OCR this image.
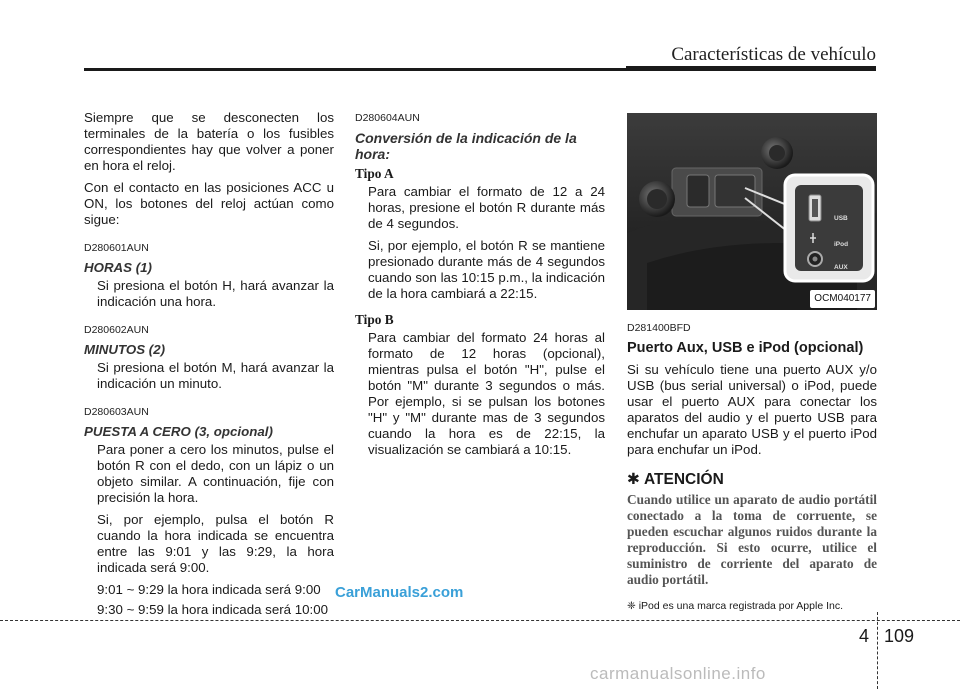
Características de vehículo

Siempre que se desconecten los terminales de la batería o los fusibles correspondientes hay que volver a poner en hora el reloj.

Con el contacto en las posiciones ACC u ON, los botones del reloj actúan como sigue:

D280601AUN
HORAS (1)

Si presiona el botón H, hará avanzar la indicación una hora.

D280602AUN
MINUTOS (2)

Si presiona el botón M, hará avanzar la indicación un minuto.

D280603AUN
PUESTA A CERO (3, opcional)

Para poner a cero los minutos, pulse el botón R con el dedo, con un lápiz o un objeto similar. A continuación, fije con precisión la hora.

Si, por ejemplo, pulsa el botón R cuando la hora indicada se encuentra entre las 9:01 y las 9:29, la hora indicada será 9:00.

9:01 ~ 9:29 la hora indicada será 9:00

9:30 ~ 9:59 la hora indicada será 10:00

D280604AUN
Conversión de la indicación de la hora:
Tipo A

Para cambiar el formato de 12 a 24 horas, presione el botón R durante más de 4 segundos.

Si, por ejemplo, el botón R se mantiene presionado durante más de 4 segundos cuando son las 10:15 p.m., la indicación de la hora cambiará a 22:15.

Tipo B

Para cambiar del formato 24 horas al formato de 12 horas (opcional), mientras pulsa el botón "H", pulse el botón "M" durante 3 segundos o más. Por ejemplo, si se pulsan los botones "H" y "M" durante mas de 3 segundos cuando la hora es de 22:15, la visualización se cambiará a 10:15.

USB
iPod
AUX
OCM040177
D281400BFD
Puerto Aux, USB e iPod (opcional)

Si su vehículo tiene una puerto AUX y/o USB (bus serial universal) o iPod, puede usar el puerto AUX para conectar los aparatos del audio y el puerto USB para enchufar un aparato USB y el puerto iPod para enchufar un iPod.

✱ ATENCIÓN

Cuando utilice un aparato de audio portátil conectado a la toma de corruente, se pueden escuchar algunos ruidos durante la reproducción. Si esto ocurre, utilice el suministro de corriente del aparato de audio portátil.

❈ iPod es una marca registrada por Apple Inc.
CarManuals2.com
4 109
carmanualsonline.info
